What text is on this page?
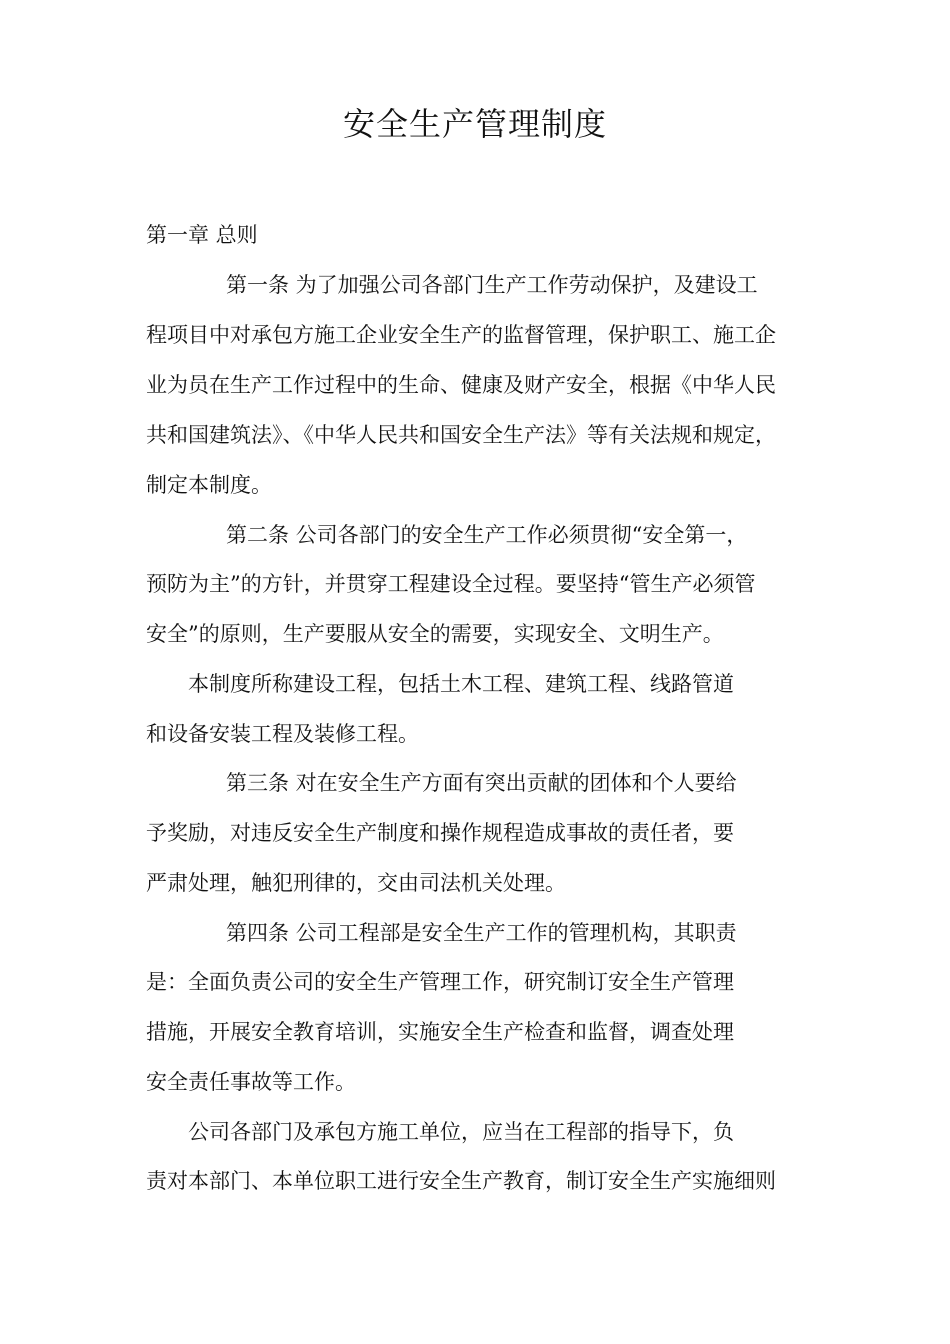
安全生产管理制度
第一章 总则
第一条 为了加强公司各部门生产工作劳动保护，及建设工
程项目中对承包方施工企业安全生产的监督管理，保护职工、施工企
业为员在生产工作过程中的生命、健康及财产安全，根据《中华人民
共和国建筑法》、《中华人民共和国安全生产法》等有关法规和规定，
制定本制度。
第二条 公司各部门的安全生产工作必须贯彻“安全第一，
预防为主”的方针，并贯穿工程建设全过程。要坚持“管生产必须管
安全”的原则，生产要服从安全的需要，实现安全、文明生产。
本制度所称建设工程，包括土木工程、建筑工程、线路管道
和设备安装工程及装修工程。
第三条 对在安全生产方面有突出贡献的团体和个人要给
予奖励，对违反安全生产制度和操作规程造成事故的责任者，要
严肃处理，触犯刑律的，交由司法机关处理。
第四条 公司工程部是安全生产工作的管理机构，其职责
是：全面负责公司的安全生产管理工作，研究制订安全生产管理
措施，开展安全教育培训，实施安全生产检查和监督，调查处理
安全责任事故等工作。
公司各部门及承包方施工单位，应当在工程部的指导下，负
责对本部门、本单位职工进行安全生产教育，制订安全生产实施细则
